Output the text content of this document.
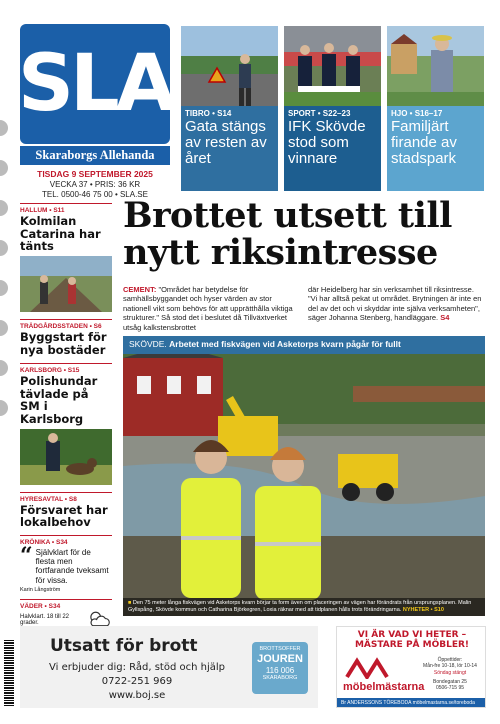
SLA
Skaraborgs Allehanda
TISDAG 9 SEPTEMBER 2025
VECKA 37 • PRIS: 36 KR
TEL. 0500-46 75 00 • SLA.SE
TIBRO • S14
Gata stängs av resten av året
SPORT • S22–23
IFK Skövde stod som vinnare
HJO • S16–17
Familjärt firande av stadspark
HALLUM • S11
Kolmilan Catarina har tänts
TRÄDGÅRDSSTADEN • S6
Byggstart för nya bostäder
KARLSBORG • S15
Polishundar tävlade på SM i Karlsborg
HYRESAVTAL • S8
Försvaret har lokalbehov
KRÖNIKA • S34
“ Självklart för de flesta men fortfarande tveksamt för vissa.
Karin Långström
VÄDER • S34
Halvklart. 18 till 22 grader.
Brottet utsett till nytt riksintresse

CEMENT: "Området har betydelse för samhällsbyggandet och hyser värden av stor nationell vikt som behövs för att upprätthålla viktiga strukturer." Så stod det i beslutet då Tillväxtverket utsåg kalkstensbrottet

där Heidelberg har sin verksamhet till riksintresse. "Vi har alltså pekat ut området. Brytningen är inte en del av det och vi skyddar inte själva verksamheten", säger Johanna Stenberg, handläggare. S4

SKÖVDE. Arbetet med fiskvägen vid Asketorps kvarn pågår för fullt
■ Den 75 meter långa fiskvägen vid Asketorps kvarn börjar ta form även om placeringen av vägen har förändrats från ursprungsplanen. Malin Gyllspång, Skövde kommun och Catharina Björkegren, Loxia räknar med att tidplanen hålls trots förändringarna. NYHETER • S10
Utsatt för brott
Vi erbjuder dig: Råd, stöd och hjälp
0722-251 969
www.boj.se
BROTTSOFFER
JOUREN
116 006
SKARABORG
VI ÄR VAD VI HETER – MÄSTARE PÅ MÖBLER!
möbelmästarna
Öppettider:
Mån-fre 10-18, lör 10-14
Söndag stängt
Bondegatan 25
0506-715 95
Br ANDERSSONS TÖREBODA möbelmastarna.se/toreboda
